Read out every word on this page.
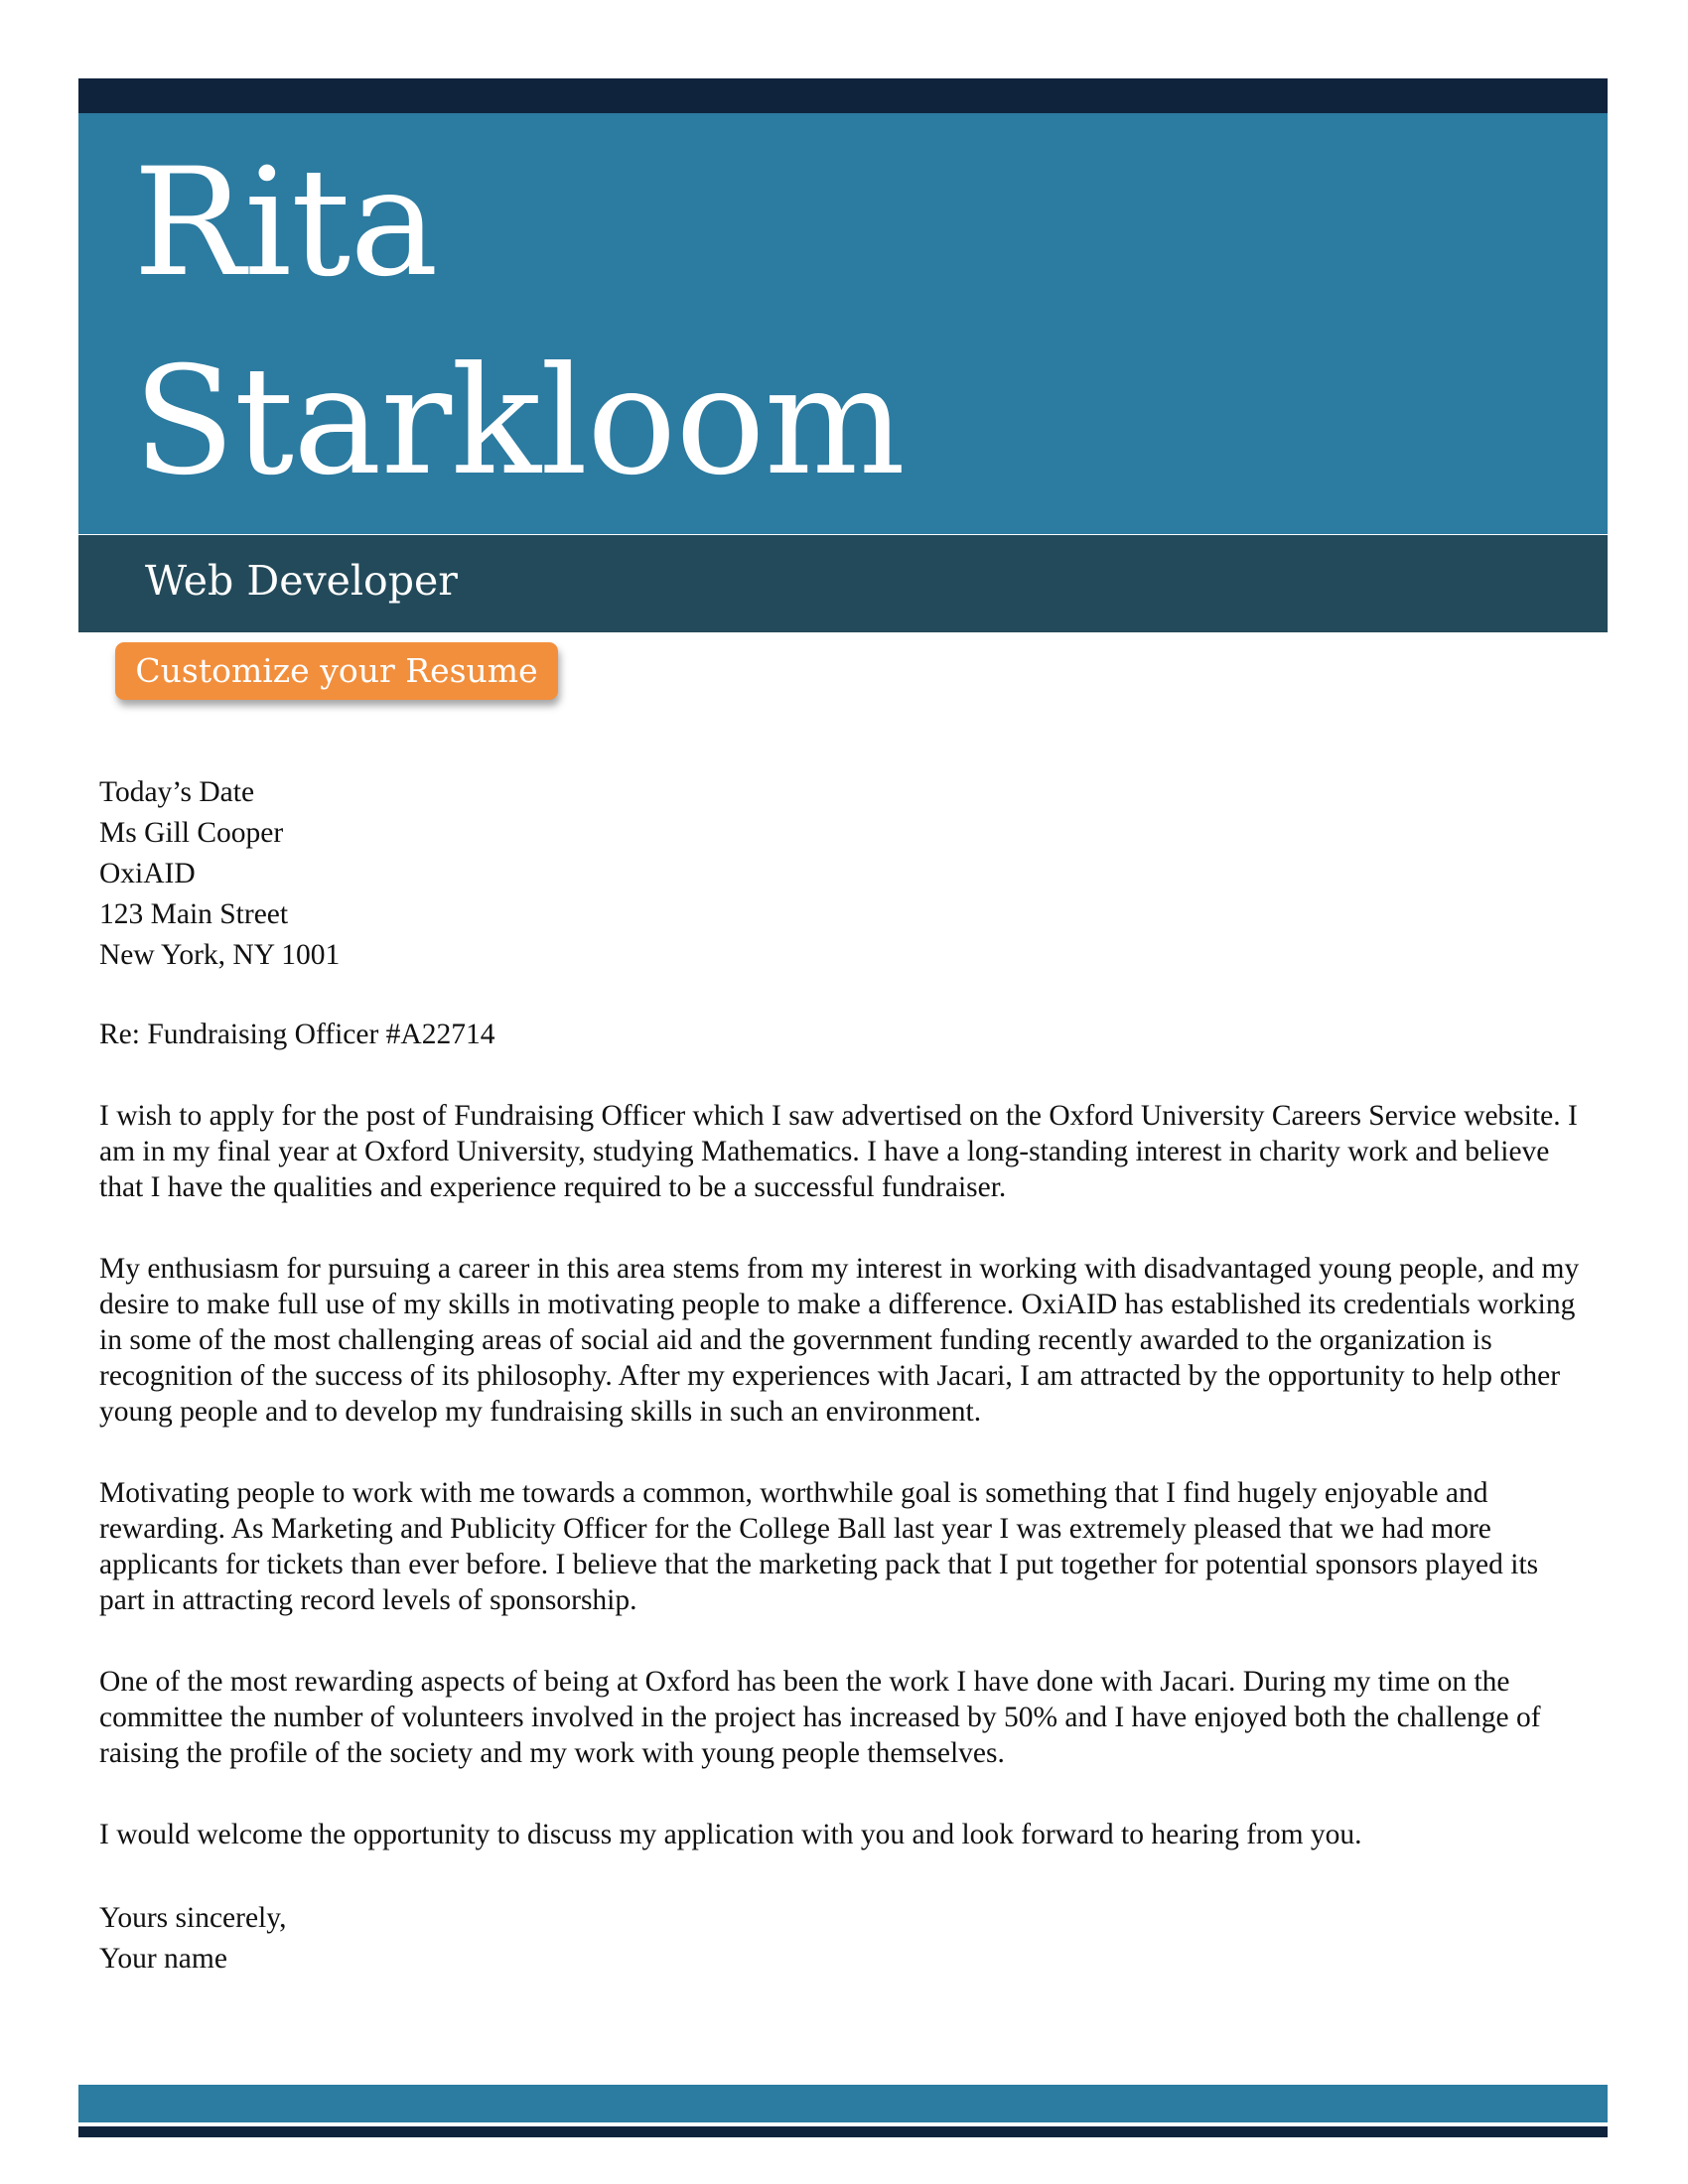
Rita
Starkloom
Web Developer
Customize your Resume

Today’s Date

Ms Gill Cooper

OxiAID

123 Main Street

New York, NY 1001

Re: Fundraising Officer #A22714

I wish to apply for the post of Fundraising Officer which I saw advertised on the Oxford University Careers Service website. I am in my final year at Oxford University, studying Mathematics. I have a long-standing interest in charity work and believe that I have the qualities and experience required to be a successful fundraiser.

My enthusiasm for pursuing a career in this area stems from my interest in working with disadvantaged young people, and my desire to make full use of my skills in motivating people to make a difference. OxiAID has established its credentials working in some of the most challenging areas of social aid and the government funding recently awarded to the organization is recognition of the success of its philosophy. After my experiences with Jacari, I am attracted by the opportunity to help other young people and to develop my fundraising skills in such an environment.

Motivating people to work with me towards a common, worthwhile goal is something that I find hugely enjoyable and rewarding. As Marketing and Publicity Officer for the College Ball last year I was extremely pleased that we had more applicants for tickets than ever before. I believe that the marketing pack that I put together for potential sponsors played its part in attracting record levels of sponsorship.

One of the most rewarding aspects of being at Oxford has been the work I have done with Jacari. During my time on the committee the number of volunteers involved in the project has increased by 50% and I have enjoyed both the challenge of raising the profile of the society and my work with young people themselves.

I would welcome the opportunity to discuss my application with you and look forward to hearing from you.

Yours sincerely,

Your name
